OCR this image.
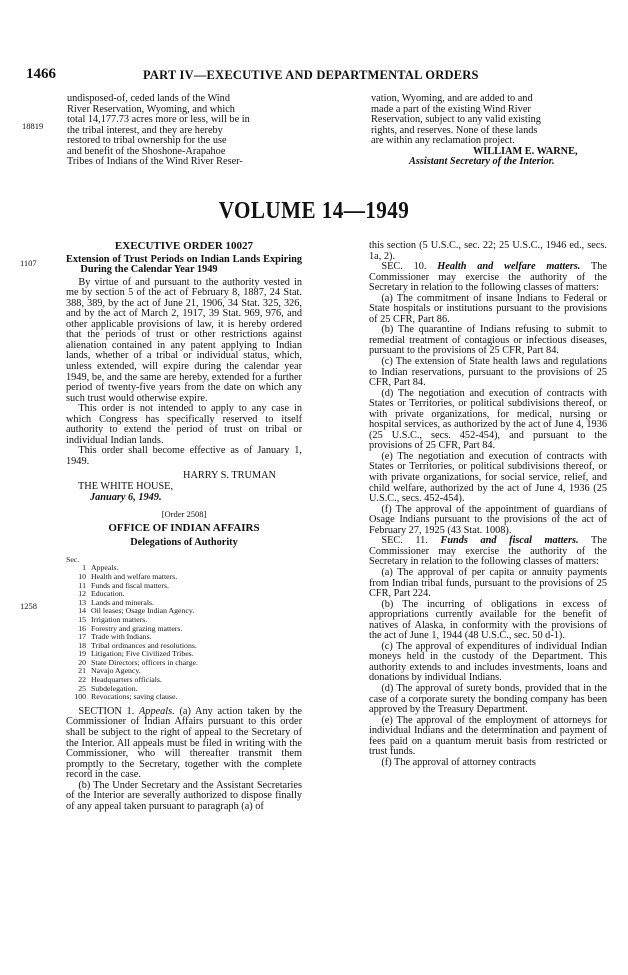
1466	PART IV—EXECUTIVE AND DEPARTMENTAL ORDERS
18819
1107
1258
undisposed-of, ceded lands of the Wind
River Reservation, Wyoming, and which
total 14,177.73 acres more or less, will be in
the tribal interest, and they are hereby
restored to tribal ownership for the use
and benefit of the Shoshone-Arapahoe
Tribes of Indians of the Wind River Reser-
vation, Wyoming, and are added to and
made a part of the existing Wind River
Reservation, subject to any valid existing
rights, and reserves. None of these lands
are within any reclamation project.
WILLIAM E. WARNE,
Assistant Secretary of the Interior.
VOLUME 14—1949
EXECUTIVE ORDER 10027
Extension of Trust Periods on Indian Lands Expiring During the Calendar Year 1949

By virtue of and pursuant to the authority vested in me by section 5 of the act of February 8, 1887, 24 Stat. 388, 389, by the act of June 21, 1906, 34 Stat. 325, 326, and by the act of March 2, 1917, 39 Stat. 969, 976, and other applicable provisions of law, it is hereby ordered that the periods of trust or other restrictions against alienation contained in any patent applying to Indian lands, whether of a tribal or individual status, which, unless extended, will expire during the calendar year 1949, be, and the same are hereby, extended for a further period of twenty-five years from the date on which any such trust would otherwise expire.

This order is not intended to apply to any case in which Congress has specifically reserved to itself authority to extend the period of trust on tribal or individual Indian lands.

This order shall become effective as of January 1, 1949.

HARRY S. TRUMAN
THE WHITE HOUSE,
January 6, 1949.
[Order 2508]
OFFICE OF INDIAN AFFAIRS
Delegations of Authority
Sec.
1 Appeals.
10 Health and welfare matters.
11 Funds and fiscal matters.
12 Education.
13 Lands and minerals.
14 Oil leases; Osage Indian Agency.
15 Irrigation matters.
16 Forestry and grazing matters.
17 Trade with Indians.
18 Tribal ordinances and resolutions.
19 Litigation; Five Civilized Tribes.
20 State Directors; officers in charge.
21 Navajo Agency.
22 Headquarters officials.
25 Subdelegation.
100 Revocations; saving clause.

SECTION 1. Appeals. (a) Any action taken by the Commissioner of Indian Affairs pursuant to this order shall be subject to the right of appeal to the Secretary of the Interior. All appeals must be filed in writing with the Commissioner, who will thereafter transmit them promptly to the Secretary, together with the complete record in the case.

(b) The Under Secretary and the Assistant Secretaries of the Interior are severally authorized to dispose finally of any appeal taken pursuant to paragraph (a) of

this section (5 U.S.C., sec. 22; 25 U.S.C., 1946 ed., secs. 1a, 2).

SEC. 10. Health and welfare matters. The Commissioner may exercise the authority of the Secretary in relation to the following classes of matters:

(a) The commitment of insane Indians to Federal or State hospitals or institutions pursuant to the provisions of 25 CFR, Part 86.

(b) The quarantine of Indians refusing to submit to remedial treatment of contagious or infectious diseases, pursuant to the provisions of 25 CFR, Part 84.

(c) The extension of State health laws and regulations to Indian reservations, pursuant to the provisions of 25 CFR, Part 84.

(d) The negotiation and execution of contracts with States or Territories, or political subdivisions thereof, or with private organizations, for medical, nursing or hospital services, as authorized by the act of June 4, 1936 (25 U.S.C., secs. 452-454), and pursuant to the provisions of 25 CFR, Part 84.

(e) The negotiation and execution of contracts with States or Territories, or political subdivisions thereof, or with private organizations, for social service, relief, and child welfare, authorized by the act of June 4, 1936 (25 U.S.C., secs. 452-454).

(f) The approval of the appointment of guardians of Osage Indians pursuant to the provisions of the act of February 27, 1925 (43 Stat. 1008).

SEC. 11. Funds and fiscal matters. The Commissioner may exercise the authority of the Secretary in relation to the following classes of matters:

(a) The approval of per capita or annuity payments from Indian tribal funds, pursuant to the provisions of 25 CFR, Part 224.

(b) The incurring of obligations in excess of appropriations currently available for the benefit of natives of Alaska, in conformity with the provisions of the act of June 1, 1944 (48 U.S.C., sec. 50 d-1).

(c) The approval of expenditures of individual Indian moneys held in the custody of the Department. This authority extends to and includes investments, loans and donations by individual Indians.

(d) The approval of surety bonds, provided that in the case of a corporate surety the bonding company has been approved by the Treasury Department.

(e) The approval of the employment of attorneys for individual Indians and the determination and payment of fees paid on a quantum meruit basis from restricted or trust funds.

(f) The approval of attorney contracts
